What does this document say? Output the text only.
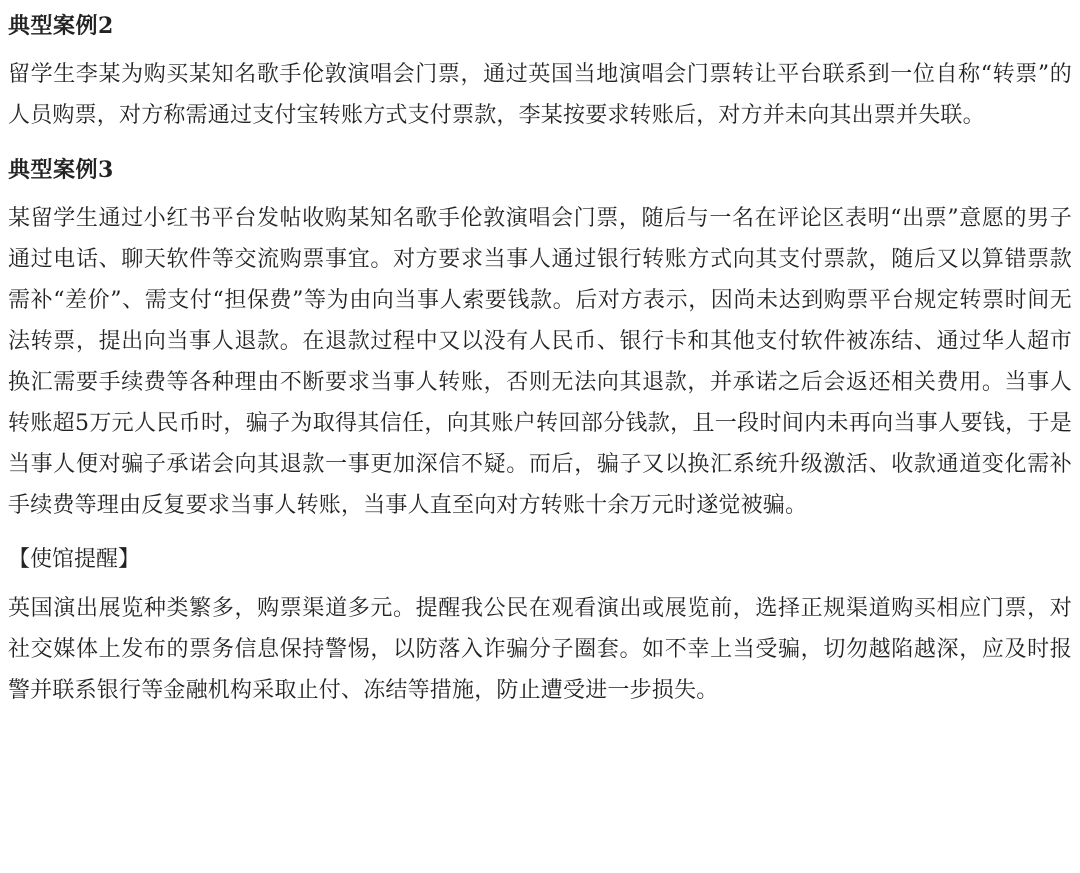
典型案例2

留学生李某为购买某知名歌手伦敦演唱会门票，通过英国当地演唱会门票转让平台联系到一位自称“转票”的人员购票，对方称需通过支付宝转账方式支付票款，李某按要求转账后，对方并未向其出票并失联。

典型案例3

某留学生通过小红书平台发帖收购某知名歌手伦敦演唱会门票，随后与一名在评论区表明“出票”意愿的男子通过电话、聊天软件等交流购票事宜。对方要求当事人通过银行转账方式向其支付票款，随后又以算错票款需补“差价”、需支付“担保费”等为由向当事人索要钱款。后对方表示，因尚未达到购票平台规定转票时间无法转票，提出向当事人退款。在退款过程中又以没有人民币、银行卡和其他支付软件被冻结、通过华人超市换汇需要手续费等各种理由不断要求当事人转账，否则无法向其退款，并承诺之后会返还相关费用。当事人转账超5万元人民币时，骗子为取得其信任，向其账户转回部分钱款，且一段时间内未再向当事人要钱，于是当事人便对骗子承诺会向其退款一事更加深信不疑。而后，骗子又以换汇系统升级激活、收款通道变化需补手续费等理由反复要求当事人转账，当事人直至向对方转账十余万元时遂觉被骗。

【使馆提醒】

英国演出展览种类繁多，购票渠道多元。提醒我公民在观看演出或展览前，选择正规渠道购买相应门票，对社交媒体上发布的票务信息保持警惕，以防落入诈骗分子圈套。如不幸上当受骗，切勿越陷越深，应及时报警并联系银行等金融机构采取止付、冻结等措施，防止遭受进一步损失。
